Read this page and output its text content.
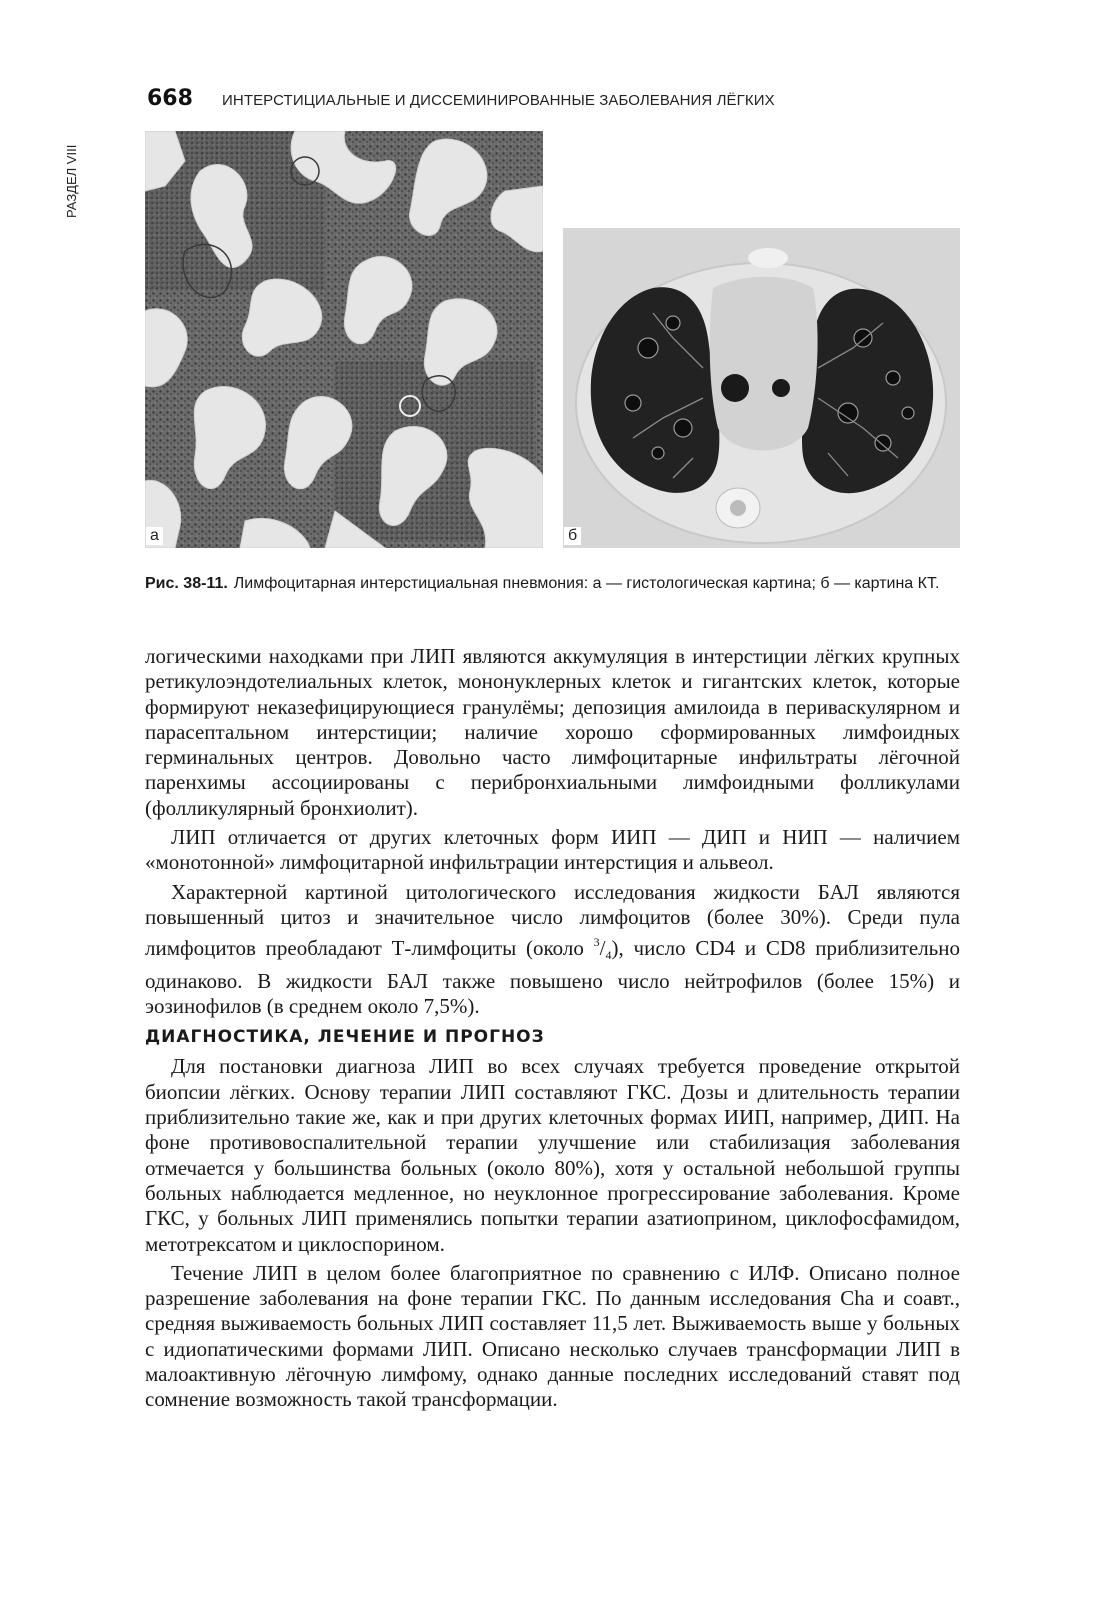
668 ИНТЕРСТИЦИАЛЬНЫЕ И ДИССЕМИНИРОВАННЫЕ ЗАБОЛЕВАНИЯ ЛЁГКИХ
РАЗДЕЛ VIII
а	б
Рис. 38-11. Лимфоцитарная интерстициальная пневмония: а — гистологическая картина; б — картина КТ.

логическими находками при ЛИП являются аккумуляция в интерстиции лёгких крупных ретикулоэндотелиальных клеток, мононуклерных клеток и гигантских клеток, которые формируют неказефицирующиеся гранулёмы; депозиция амилоида в периваскулярном и парасептальном интерстиции; наличие хорошо сформированных лимфоидных герминальных центров. Довольно часто лимфоцитарные инфильтраты лёгочной паренхимы ассоциированы с перибронхиальными лимфоидными фолликулами (фолликулярный бронхиолит).

ЛИП отличается от других клеточных форм ИИП — ДИП и НИП — наличием «монотонной» лимфоцитарной инфильтрации интерстиция и альвеол.

Характерной картиной цитологического исследования жидкости БАЛ являются повышенный цитоз и значительное число лимфоцитов (более 30%). Среди пула лимфоцитов преобладают Т-лимфоциты (около $^3/_4$), число CD4 и CD8 приблизительно одинаково. В жидкости БАЛ также повышено число нейтрофилов (более 15%) и эозинофилов (в среднем около 7,5%).

ДИАГНОСТИКА, ЛЕЧЕНИЕ И ПРОГНОЗ

Для постановки диагноза ЛИП во всех случаях требуется проведение открытой биопсии лёгких. Основу терапии ЛИП составляют ГКС. Дозы и длительность терапии приблизительно такие же, как и при других клеточных формах ИИП, например, ДИП. На фоне противовоспалительной терапии улучшение или стабилизация заболевания отмечается у большинства больных (около 80%), хотя у остальной небольшой группы больных наблюдается медленное, но неуклонное прогрессирование заболевания. Кроме ГКС, у больных ЛИП применялись попытки терапии азатиоприном, циклофосфамидом, метотрексатом и циклоспорином.

Течение ЛИП в целом более благоприятное по сравнению с ИЛФ. Описано полное разрешение заболевания на фоне терапии ГКС. По данным исследования Cha и соавт., средняя выживаемость больных ЛИП составляет 11,5 лет. Выживаемость выше у больных с идиопатическими формами ЛИП. Описано несколько случаев трансформации ЛИП в малоактивную лёгочную лимфому, однако данные последних исследований ставят под сомнение возможность такой трансформации.
